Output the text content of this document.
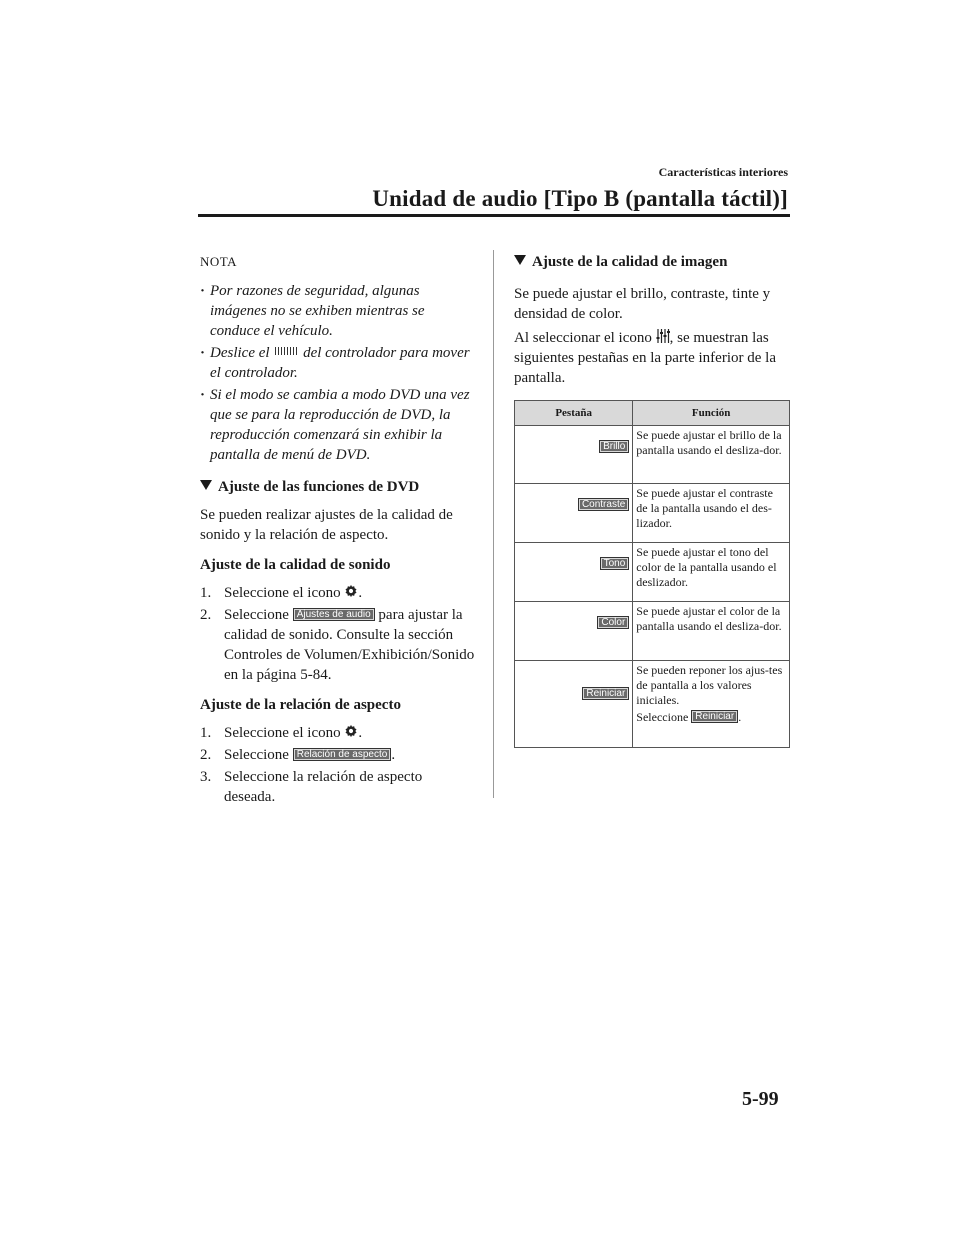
Características interiores
Unidad de audio [Tipo B (pantalla táctil)]
NOTA
· Por razones de seguridad, algunas imágenes no se exhiben mientras se conduce el vehículo.
· Deslice el del controlador para mover el controlador.
· Si el modo se cambia a modo DVD una vez que se para la reproducción de DVD, la reproducción comenzará sin exhibir la pantalla de menú de DVD.
Ajuste de las funciones de DVD
Se pueden realizar ajustes de la calidad de sonido y la relación de aspecto.
Ajuste de la calidad de sonido
1. Seleccione el icono .
2. Seleccione Ajustes de audio para ajustar la calidad de sonido. Consulte la sección Controles de Volumen/Exhibición/Sonido en la página 5-84.
Ajuste de la relación de aspecto
1. Seleccione el icono .
2. Seleccione Relación de aspecto .
3. Seleccione la relación de aspecto deseada.
Ajuste de la calidad de imagen
Se puede ajustar el brillo, contraste, tinte y densidad de color.
Al seleccionar el icono , se muestran las siguientes pestañas en la parte inferior de la pantalla.
Pestaña	Función
Brillo	Se puede ajustar el brillo de la pantalla usando el desliza-dor.
Contraste	Se puede ajustar el contraste de la pantalla usando el des-lizador.
Tono	Se puede ajustar el tono del color de la pantalla usando el deslizador.
Color	Se puede ajustar el color de la pantalla usando el desliza-dor.
Reiniciar	Se pueden reponer los ajus-tes de pantalla a los valores iniciales.
Seleccione Reiniciar .
5-99
